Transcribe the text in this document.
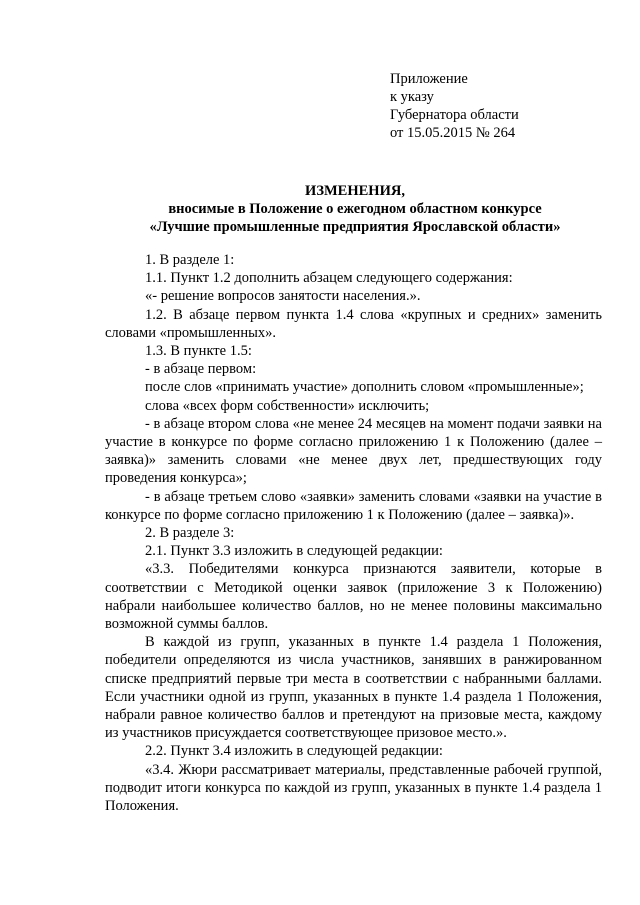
Приложение
к указу
Губернатора области
от 15.05.2015 № 264
ИЗМЕНЕНИЯ,
вносимые в Положение о ежегодном областном конкурсе
«Лучшие промышленные предприятия Ярославской области»

1. В разделе 1:

1.1. Пункт 1.2 дополнить абзацем следующего содержания:

«- решение вопросов занятости населения.».

1.2. В абзаце первом пункта 1.4 слова «крупных и средних» заменить словами «промышленных».

1.3. В пункте 1.5:

- в абзаце первом:

после слов «принимать участие» дополнить словом «промышленные»;

слова «всех форм собственности» исключить;

- в абзаце втором слова «не менее 24 месяцев на момент подачи заявки на участие в конкурсе по форме согласно приложению 1 к Положению (далее – заявка)» заменить словами «не менее двух лет, предшествующих году проведения конкурса»;

- в абзаце третьем слово «заявки» заменить словами «заявки на участие в конкурсе по форме согласно приложению 1 к Положению (далее – заявка)».

2. В разделе 3:

2.1. Пункт 3.3 изложить в следующей редакции:

«3.3. Победителями конкурса признаются заявители, которые в соответствии с Методикой оценки заявок (приложение 3 к Положению) набрали наибольшее количество баллов, но не менее половины максимально возможной суммы баллов.

В каждой из групп, указанных в пункте 1.4 раздела 1 Положения, победители определяются из числа участников, занявших в ранжированном списке предприятий первые три места в соответствии с набранными баллами. Если участники одной из групп, указанных в пункте 1.4 раздела 1 Положения, набрали равное количество баллов и претендуют на призовые места, каждому из участников присуждается соответствующее призовое место.».

2.2. Пункт 3.4 изложить в следующей редакции:

«3.4. Жюри рассматривает материалы, представленные рабочей группой, подводит итоги конкурса по каждой из групп, указанных в пункте 1.4 раздела 1 Положения.
